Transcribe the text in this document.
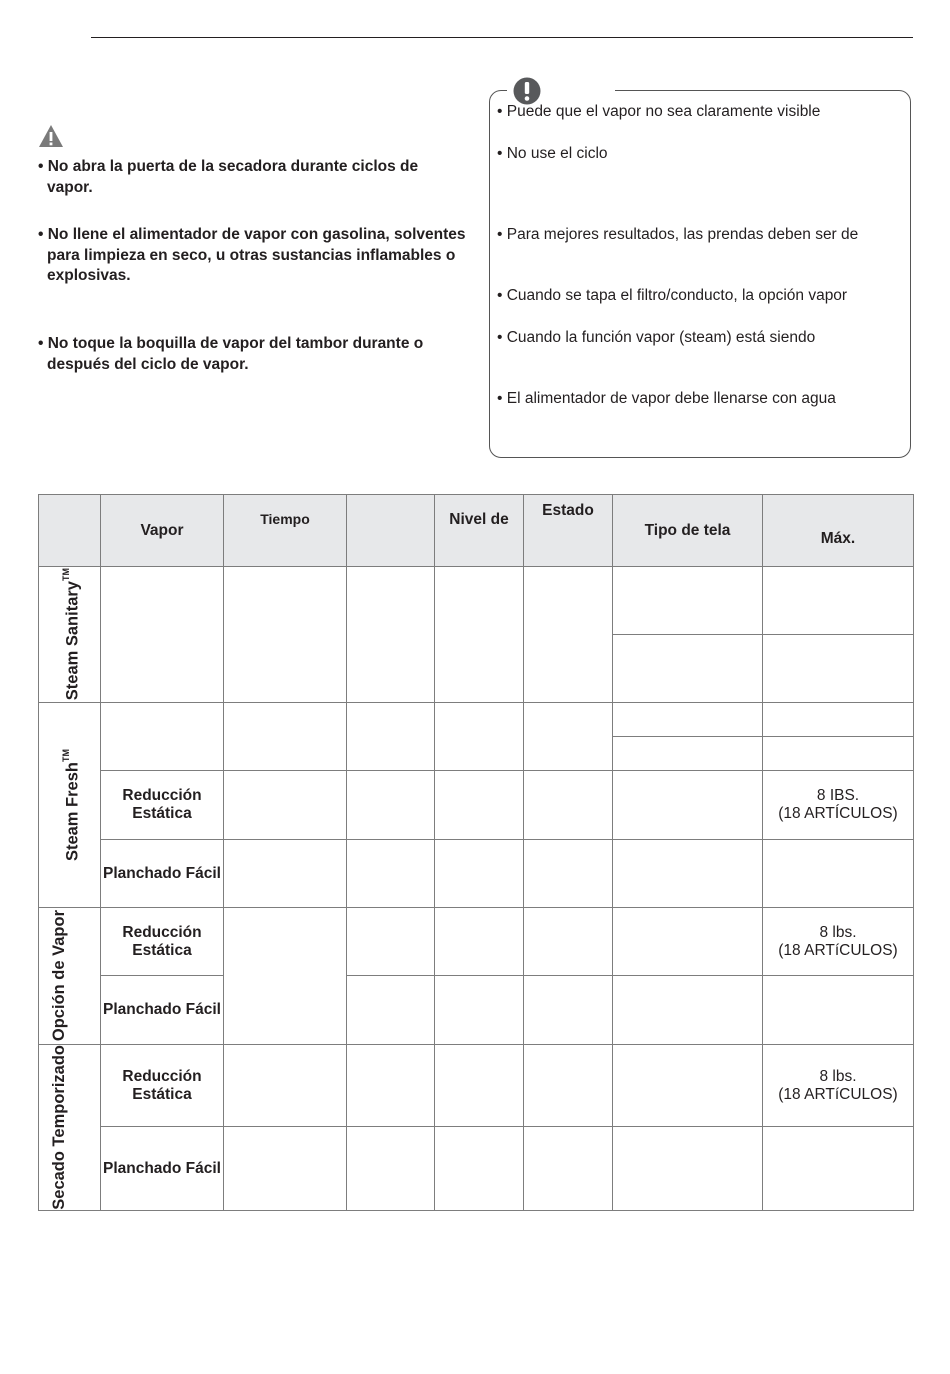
• No abra la puerta de la secadora durante ciclos de vapor.
• No llene el alimentador de vapor con gasolina, solventes para limpieza en seco, u otras sustancias inflamables o explosivas.
• No toque la boquilla de vapor del tambor durante o después del ciclo de vapor.
• Puede que el vapor no sea claramente visible
• No use el ciclo
• Para mejores resultados, las prendas deben ser de
• Cuando se tapa el filtro/conducto, la opción vapor
• Cuando la función vapor (steam) está siendo
• El alimentador de vapor debe llenarse con agua
	Vapor	Tiempo		Nivel de	Estado	Tipo de tela	Máx.

Steam Sanitary™

Steam Fresh™

	Reducción Estática						8 IBS.
(18 ARTÍCULOS)
	Planchado Fácil						

Opción de Vapor	Reducción Estática						8 lbs.
(18 ARTíCULOS)
	Planchado Fácil						

Secado Temporizado	Reducción Estática						8 lbs.
(18 ARTíCULOS)
	Planchado Fácil						
